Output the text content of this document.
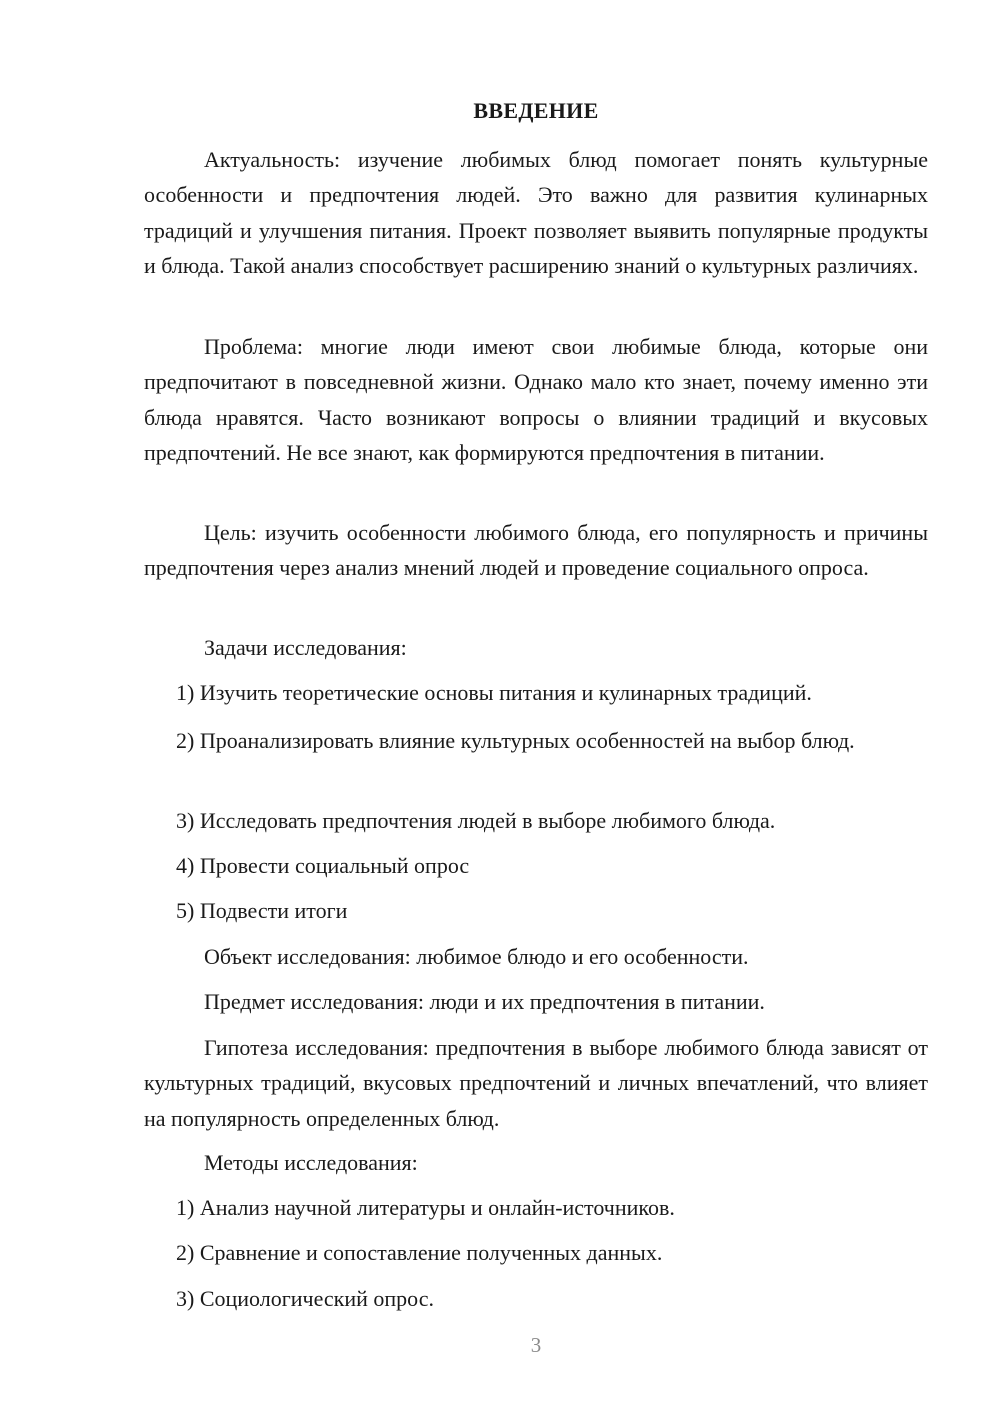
ВВЕДЕНИЕ

Актуальность: изучение любимых блюд помогает понять культурные особенности и предпочтения людей. Это важно для развития кулинарных традиций и улучшения питания. Проект позволяет выявить популярные продукты и блюда. Такой анализ способствует расширению знаний о культурных различиях.

Проблема: многие люди имеют свои любимые блюда, которые они предпочитают в повседневной жизни. Однако мало кто знает, почему именно эти блюда нравятся. Часто возникают вопросы о влиянии традиций и вкусовых предпочтений. Не все знают, как формируются предпочтения в питании.

Цель: изучить особенности любимого блюда, его популярность и причины предпочтения через анализ мнений людей и проведение социального опроса.

Задачи исследования:

1) Изучить теоретические основы питания и кулинарных традиций.

2) Проанализировать влияние культурных особенностей на выбор блюд.

3) Исследовать предпочтения людей в выборе любимого блюда.

4) Провести социальный опрос

5) Подвести итоги

Объект исследования: любимое блюдо и его особенности.

Предмет исследования: люди и их предпочтения в питании.

Гипотеза исследования: предпочтения в выборе любимого блюда зависят от культурных традиций, вкусовых предпочтений и личных впечатлений, что влияет на популярность определенных блюд.

Методы исследования:

1) Анализ научной литературы и онлайн-источников.

2) Сравнение и сопоставление полученных данных.

3) Социологический опрос.

3
